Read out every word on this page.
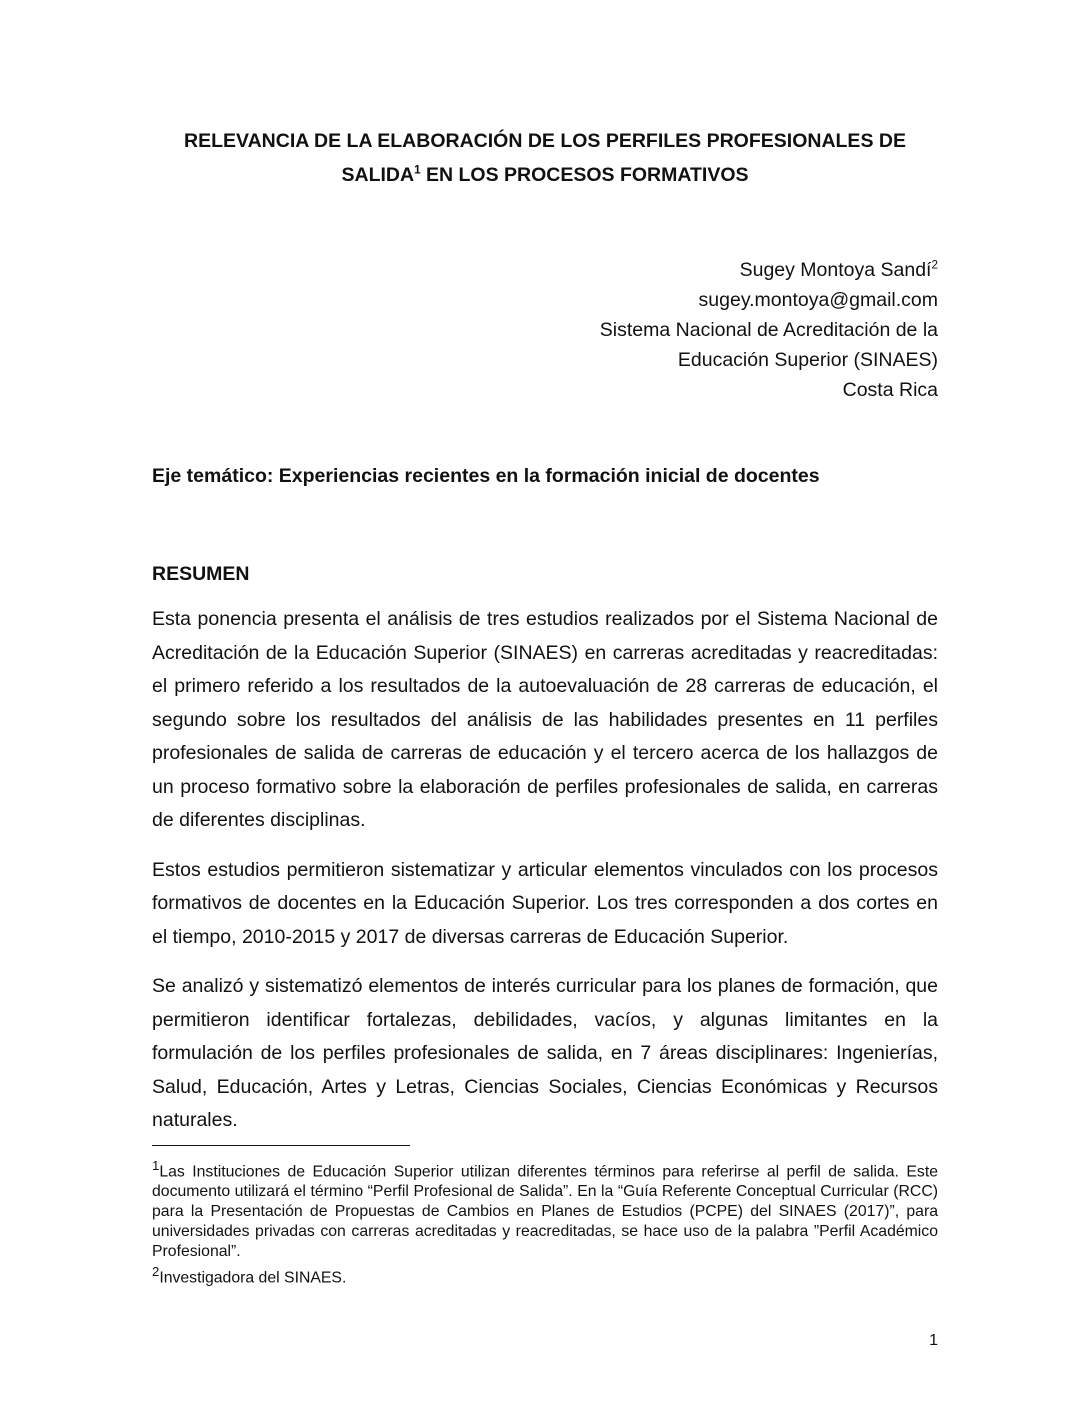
RELEVANCIA DE LA ELABORACIÓN DE LOS PERFILES PROFESIONALES DE
SALIDA$^1$ EN LOS PROCESOS FORMATIVOS
Sugey Montoya Sandí$^2$
sugey.montoya@gmail.com
Sistema Nacional de Acreditación de la
Educación Superior (SINAES)
Costa Rica
Eje temático: Experiencias recientes en la formación inicial de docentes
RESUMEN

Esta ponencia presenta el análisis de tres estudios realizados por el Sistema Nacional de Acreditación de la Educación Superior (SINAES) en carreras acreditadas y reacreditadas: el primero referido a los resultados de la autoevaluación de 28 carreras de educación, el segundo sobre los resultados del análisis de las habilidades presentes en 11 perfiles profesionales de salida de carreras de educación y el tercero acerca de los hallazgos de un proceso formativo sobre la elaboración de perfiles profesionales de salida, en carreras de diferentes disciplinas.

Estos estudios permitieron sistematizar y articular elementos vinculados con los procesos formativos de docentes en la Educación Superior. Los tres corresponden a dos cortes en el tiempo, 2010-2015 y 2017 de diversas carreras de Educación Superior.

Se analizó y sistematizó elementos de interés curricular para los planes de formación, que permitieron identificar fortalezas, debilidades, vacíos, y algunas limitantes en la formulación de los perfiles profesionales de salida, en 7 áreas disciplinares: Ingenierías, Salud, Educación, Artes y Letras, Ciencias Sociales, Ciencias Económicas y Recursos naturales.

$^1$Las Instituciones de Educación Superior utilizan diferentes términos para referirse al perfil de salida. Este documento utilizará el término “Perfil Profesional de Salida”. En la “Guía Referente Conceptual Curricular (RCC) para la Presentación de Propuestas de Cambios en Planes de Estudios (PCPE) del SINAES (2017)”, para universidades privadas con carreras acreditadas y reacreditadas, se hace uso de la palabra ”Perfil Académico Profesional”.

$^2$Investigadora del SINAES.

1
